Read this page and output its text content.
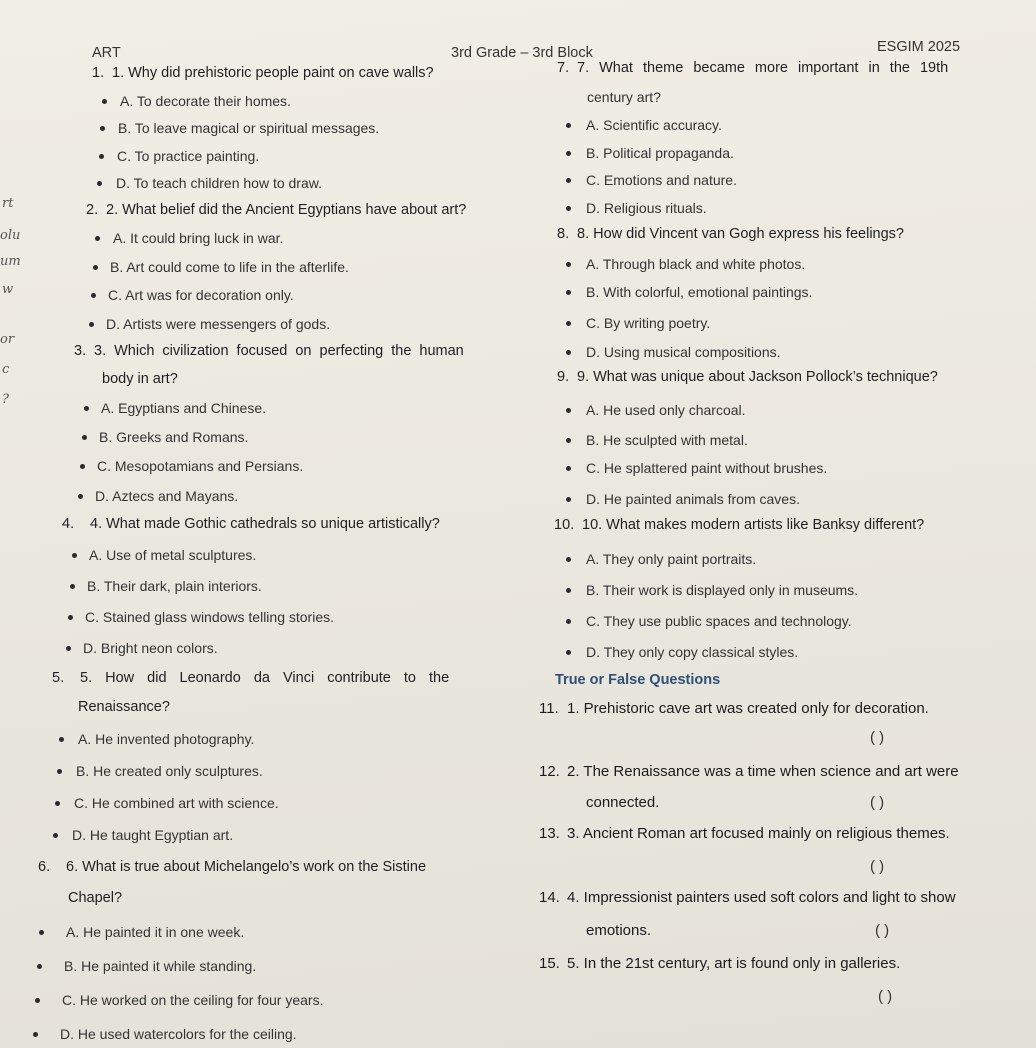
ART	3rd Grade – 3rd Block	ESGIM 2025
1. 1. Why did prehistoric people paint on cave walls?
A. To decorate their homes.
B. To leave magical or spiritual messages.
C. To practice painting.
D. To teach children how to draw.
2. 2. What belief did the Ancient Egyptians have about art?
A. It could bring luck in war.
B. Art could come to life in the afterlife.
C. Art was for decoration only.
D. Artists were messengers of gods.
3. 3. Which civilization focused on perfecting the human
body in art?
A. Egyptians and Chinese.
B. Greeks and Romans.
C. Mesopotamians and Persians.
D. Aztecs and Mayans.
4. 4. What made Gothic cathedrals so unique artistically?
A. Use of metal sculptures.
B. Their dark, plain interiors.
C. Stained glass windows telling stories.
D. Bright neon colors.
5. 5. How did Leonardo da Vinci contribute to the
Renaissance?
A. He invented photography.
B. He created only sculptures.
C. He combined art with science.
D. He taught Egyptian art.
6. 6. What is true about Michelangelo’s work on the Sistine
Chapel?
A. He painted it in one week.
B. He painted it while standing.
C. He worked on the ceiling for four years.
D. He used watercolors for the ceiling.
7. 7. What theme became more important in the 19th
century art?
A. Scientific accuracy.
B. Political propaganda.
C. Emotions and nature.
D. Religious rituals.
8. 8. How did Vincent van Gogh express his feelings?
A. Through black and white photos.
B. With colorful, emotional paintings.
C. By writing poetry.
D. Using musical compositions.
9. 9. What was unique about Jackson Pollock’s technique?
A. He used only charcoal.
B. He sculpted with metal.
C. He splattered paint without brushes.
D. He painted animals from caves.
10. 10. What makes modern artists like Banksy different?
A. They only paint portraits.
B. Their work is displayed only in museums.
C. They use public spaces and technology.
D. They only copy classical styles.
True or False Questions
11. 1. Prehistoric cave art was created only for decoration.
( )
12. 2. The Renaissance was a time when science and art were
connected.	( )
13. 3. Ancient Roman art focused mainly on religious themes.
( )
14. 4. Impressionist painters used soft colors and light to show
emotions.	( )
15. 5. In the 21st century, art is found only in galleries.
( )
rt
olu
um
w
or
c
?
